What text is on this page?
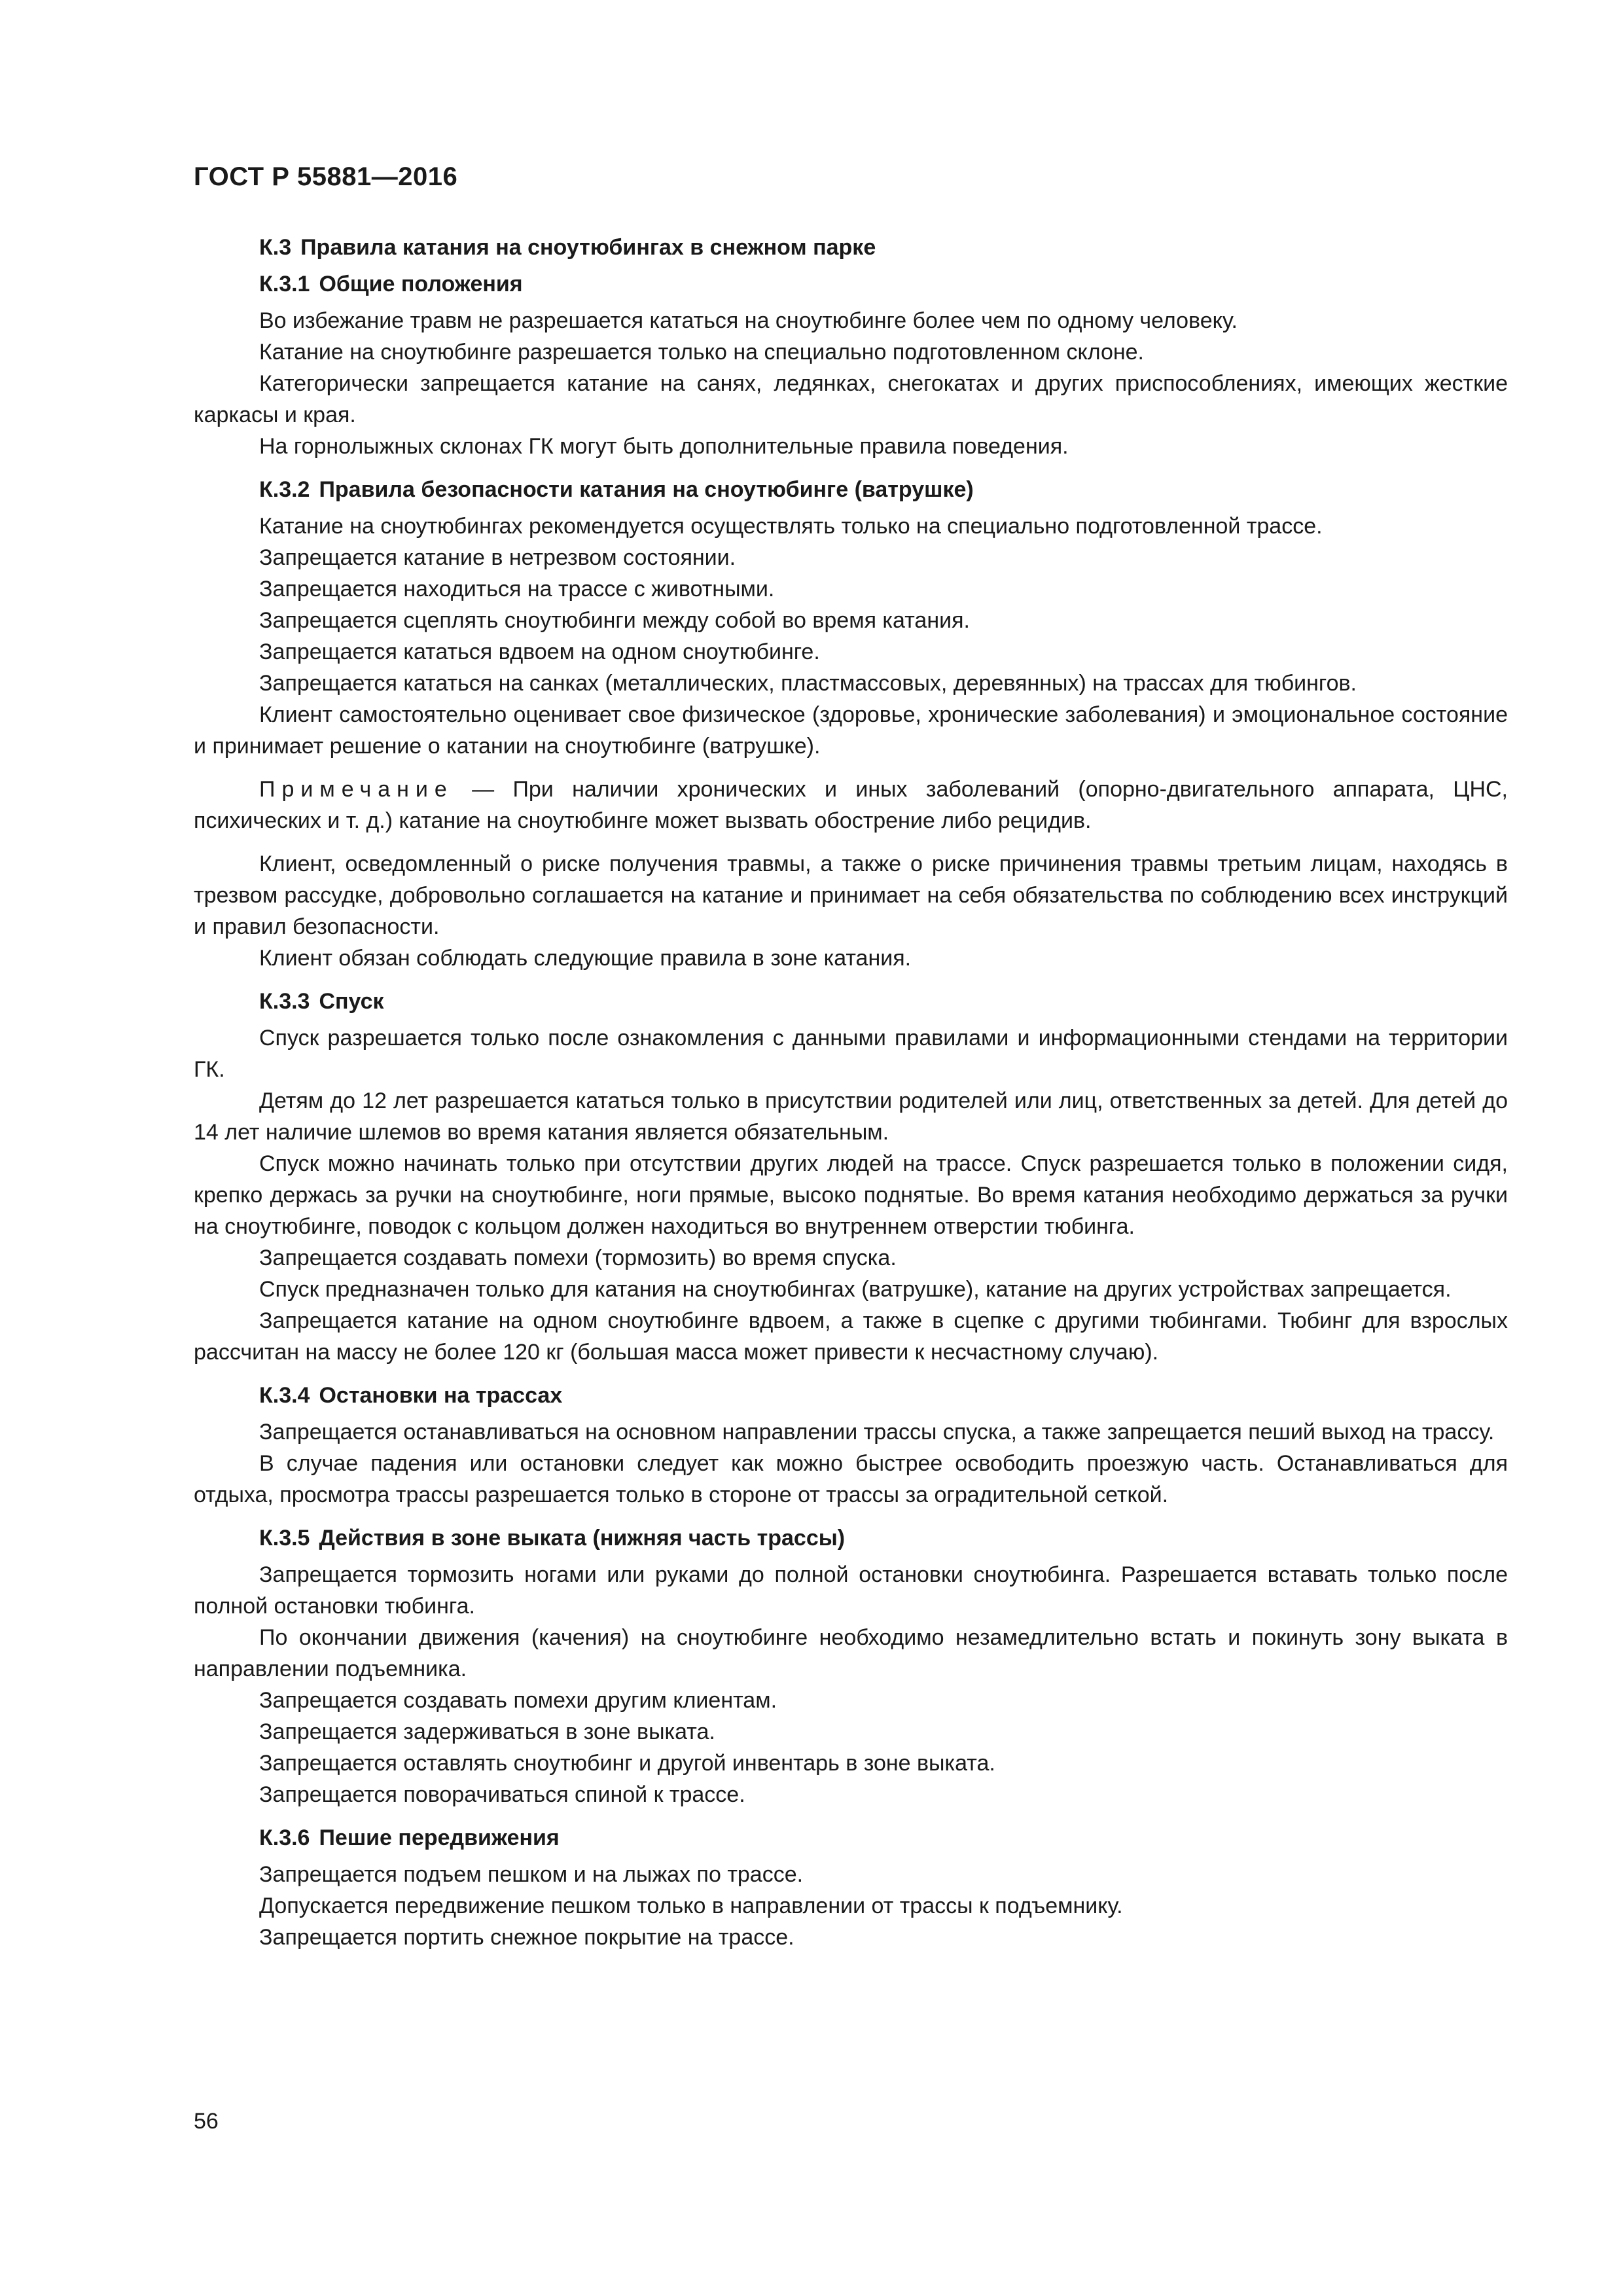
ГОСТ Р 55881—2016
К.3 Правила катания на сноутюбингах в снежном парке
К.3.1 Общие положения

Во избежание травм не разрешается кататься на сноутюбинге более чем по одному человеку.

Катание на сноутюбинге разрешается только на специально подготовленном склоне.

Категорически запрещается катание на санях, ледянках, снегокатах и других приспособлениях, имеющих жесткие каркасы и края.

На горнолыжных склонах ГК могут быть дополнительные правила поведения.

К.3.2 Правила безопасности катания на сноутюбинге (ватрушке)

Катание на сноутюбингах рекомендуется осуществлять только на специально подготовленной трассе.

Запрещается катание в нетрезвом состоянии.

Запрещается находиться на трассе с животными.

Запрещается сцеплять сноутюбинги между собой во время катания.

Запрещается кататься вдвоем на одном сноутюбинге.

Запрещается кататься на санках (металлических, пластмассовых, деревянных) на трассах для тюбингов.

Клиент самостоятельно оценивает свое физическое (здоровье, хронические заболевания) и эмоциональное состояние и принимает решение о катании на сноутюбинге (ватрушке).

Примечание — При наличии хронических и иных заболеваний (опорно-двигательного аппарата, ЦНС, психических и т. д.) катание на сноутюбинге может вызвать обострение либо рецидив.

Клиент, осведомленный о риске получения травмы, а также о риске причинения травмы третьим лицам, находясь в трезвом рассудке, добровольно соглашается на катание и принимает на себя обязательства по соблюдению всех инструкций и правил безопасности.

Клиент обязан соблюдать следующие правила в зоне катания.

К.3.3 Спуск

Спуск разрешается только после ознакомления с данными правилами и информационными стендами на территории ГК.

Детям до 12 лет разрешается кататься только в присутствии родителей или лиц, ответственных за детей. Для детей до 14 лет наличие шлемов во время катания является обязательным.

Спуск можно начинать только при отсутствии других людей на трассе. Спуск разрешается только в положении сидя, крепко держась за ручки на сноутюбинге, ноги прямые, высоко поднятые. Во время катания необходимо держаться за ручки на сноутюбинге, поводок с кольцом должен находиться во внутреннем отверстии тюбинга.

Запрещается создавать помехи (тормозить) во время спуска.

Спуск предназначен только для катания на сноутюбингах (ватрушке), катание на других устройствах запрещается.

Запрещается катание на одном сноутюбинге вдвоем, а также в сцепке с другими тюбингами. Тюбинг для взрослых рассчитан на массу не более 120 кг (большая масса может привести к несчастному случаю).

К.3.4 Остановки на трассах

Запрещается останавливаться на основном направлении трассы спуска, а также запрещается пеший выход на трассу.

В случае падения или остановки следует как можно быстрее освободить проезжую часть. Останавливаться для отдыха, просмотра трассы разрешается только в стороне от трассы за оградительной сеткой.

К.3.5 Действия в зоне выката (нижняя часть трассы)

Запрещается тормозить ногами или руками до полной остановки сноутюбинга. Разрешается вставать только после полной остановки тюбинга.

По окончании движения (качения) на сноутюбинге необходимо незамедлительно встать и покинуть зону выката в направлении подъемника.

Запрещается создавать помехи другим клиентам.

Запрещается задерживаться в зоне выката.

Запрещается оставлять сноутюбинг и другой инвентарь в зоне выката.

Запрещается поворачиваться спиной к трассе.

К.3.6 Пешие передвижения

Запрещается подъем пешком и на лыжах по трассе.

Допускается передвижение пешком только в направлении от трассы к подъемнику.

Запрещается портить снежное покрытие на трассе.

56
